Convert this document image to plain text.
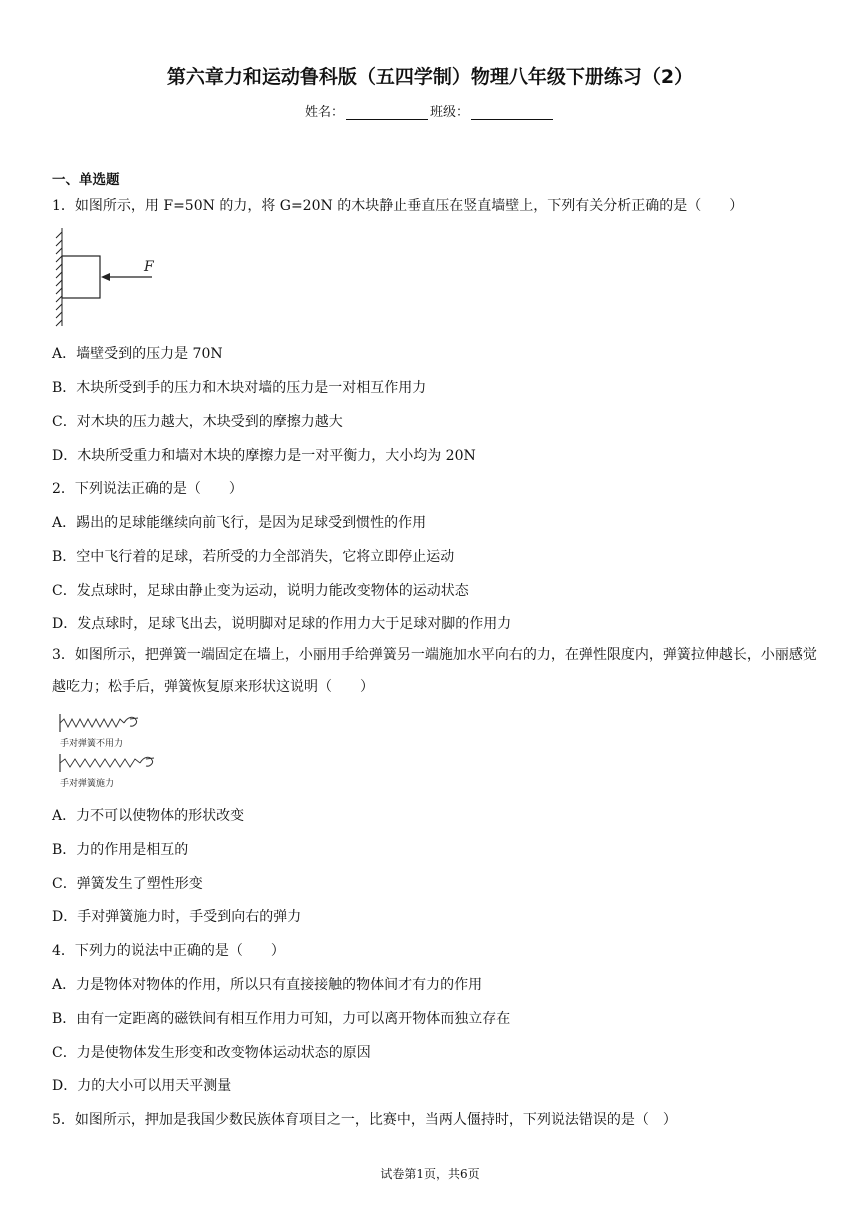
第六章力和运动鲁科版（五四学制）物理八年级下册练习（2）
姓名：	班级：
一、单选题
1．如图所示，用 F=50N 的力，将 G=20N 的木块静止垂直压在竖直墙壁上，下列有关分析正确的是（　　）
F
A．墙壁受到的压力是 70N
B．木块所受到手的压力和木块对墙的压力是一对相互作用力
C．对木块的压力越大，木块受到的摩擦力越大
D．木块所受重力和墙对木块的摩擦力是一对平衡力，大小均为 20N
2．下列说法正确的是（　　）
A．踢出的足球能继续向前飞行，是因为足球受到惯性的作用
B．空中飞行着的足球，若所受的力全部消失，它将立即停止运动
C．发点球时，足球由静止变为运动，说明力能改变物体的运动状态
D．发点球时，足球飞出去，说明脚对足球的作用力大于足球对脚的作用力
3．如图所示，把弹簧一端固定在墙上，小丽用手给弹簧另一端施加水平向右的力，在弹性限度内，弹簧拉伸越长，小丽感觉越吃力；松手后，弹簧恢复原来形状这说明（　　）
手对弹簧不用力
手对弹簧施力
A．力不可以使物体的形状改变
B．力的作用是相互的
C．弹簧发生了塑性形变
D．手对弹簧施力时，手受到向右的弹力
4．下列力的说法中正确的是（　　）
A．力是物体对物体的作用，所以只有直接接触的物体间才有力的作用
B．由有一定距离的磁铁间有相互作用力可知，力可以离开物体而独立存在
C．力是使物体发生形变和改变物体运动状态的原因
D．力的大小可以用天平测量
5．如图所示，押加是我国少数民族体育项目之一，比赛中，当两人僵持时，下列说法错误的是（　）
试卷第1页，共6页
